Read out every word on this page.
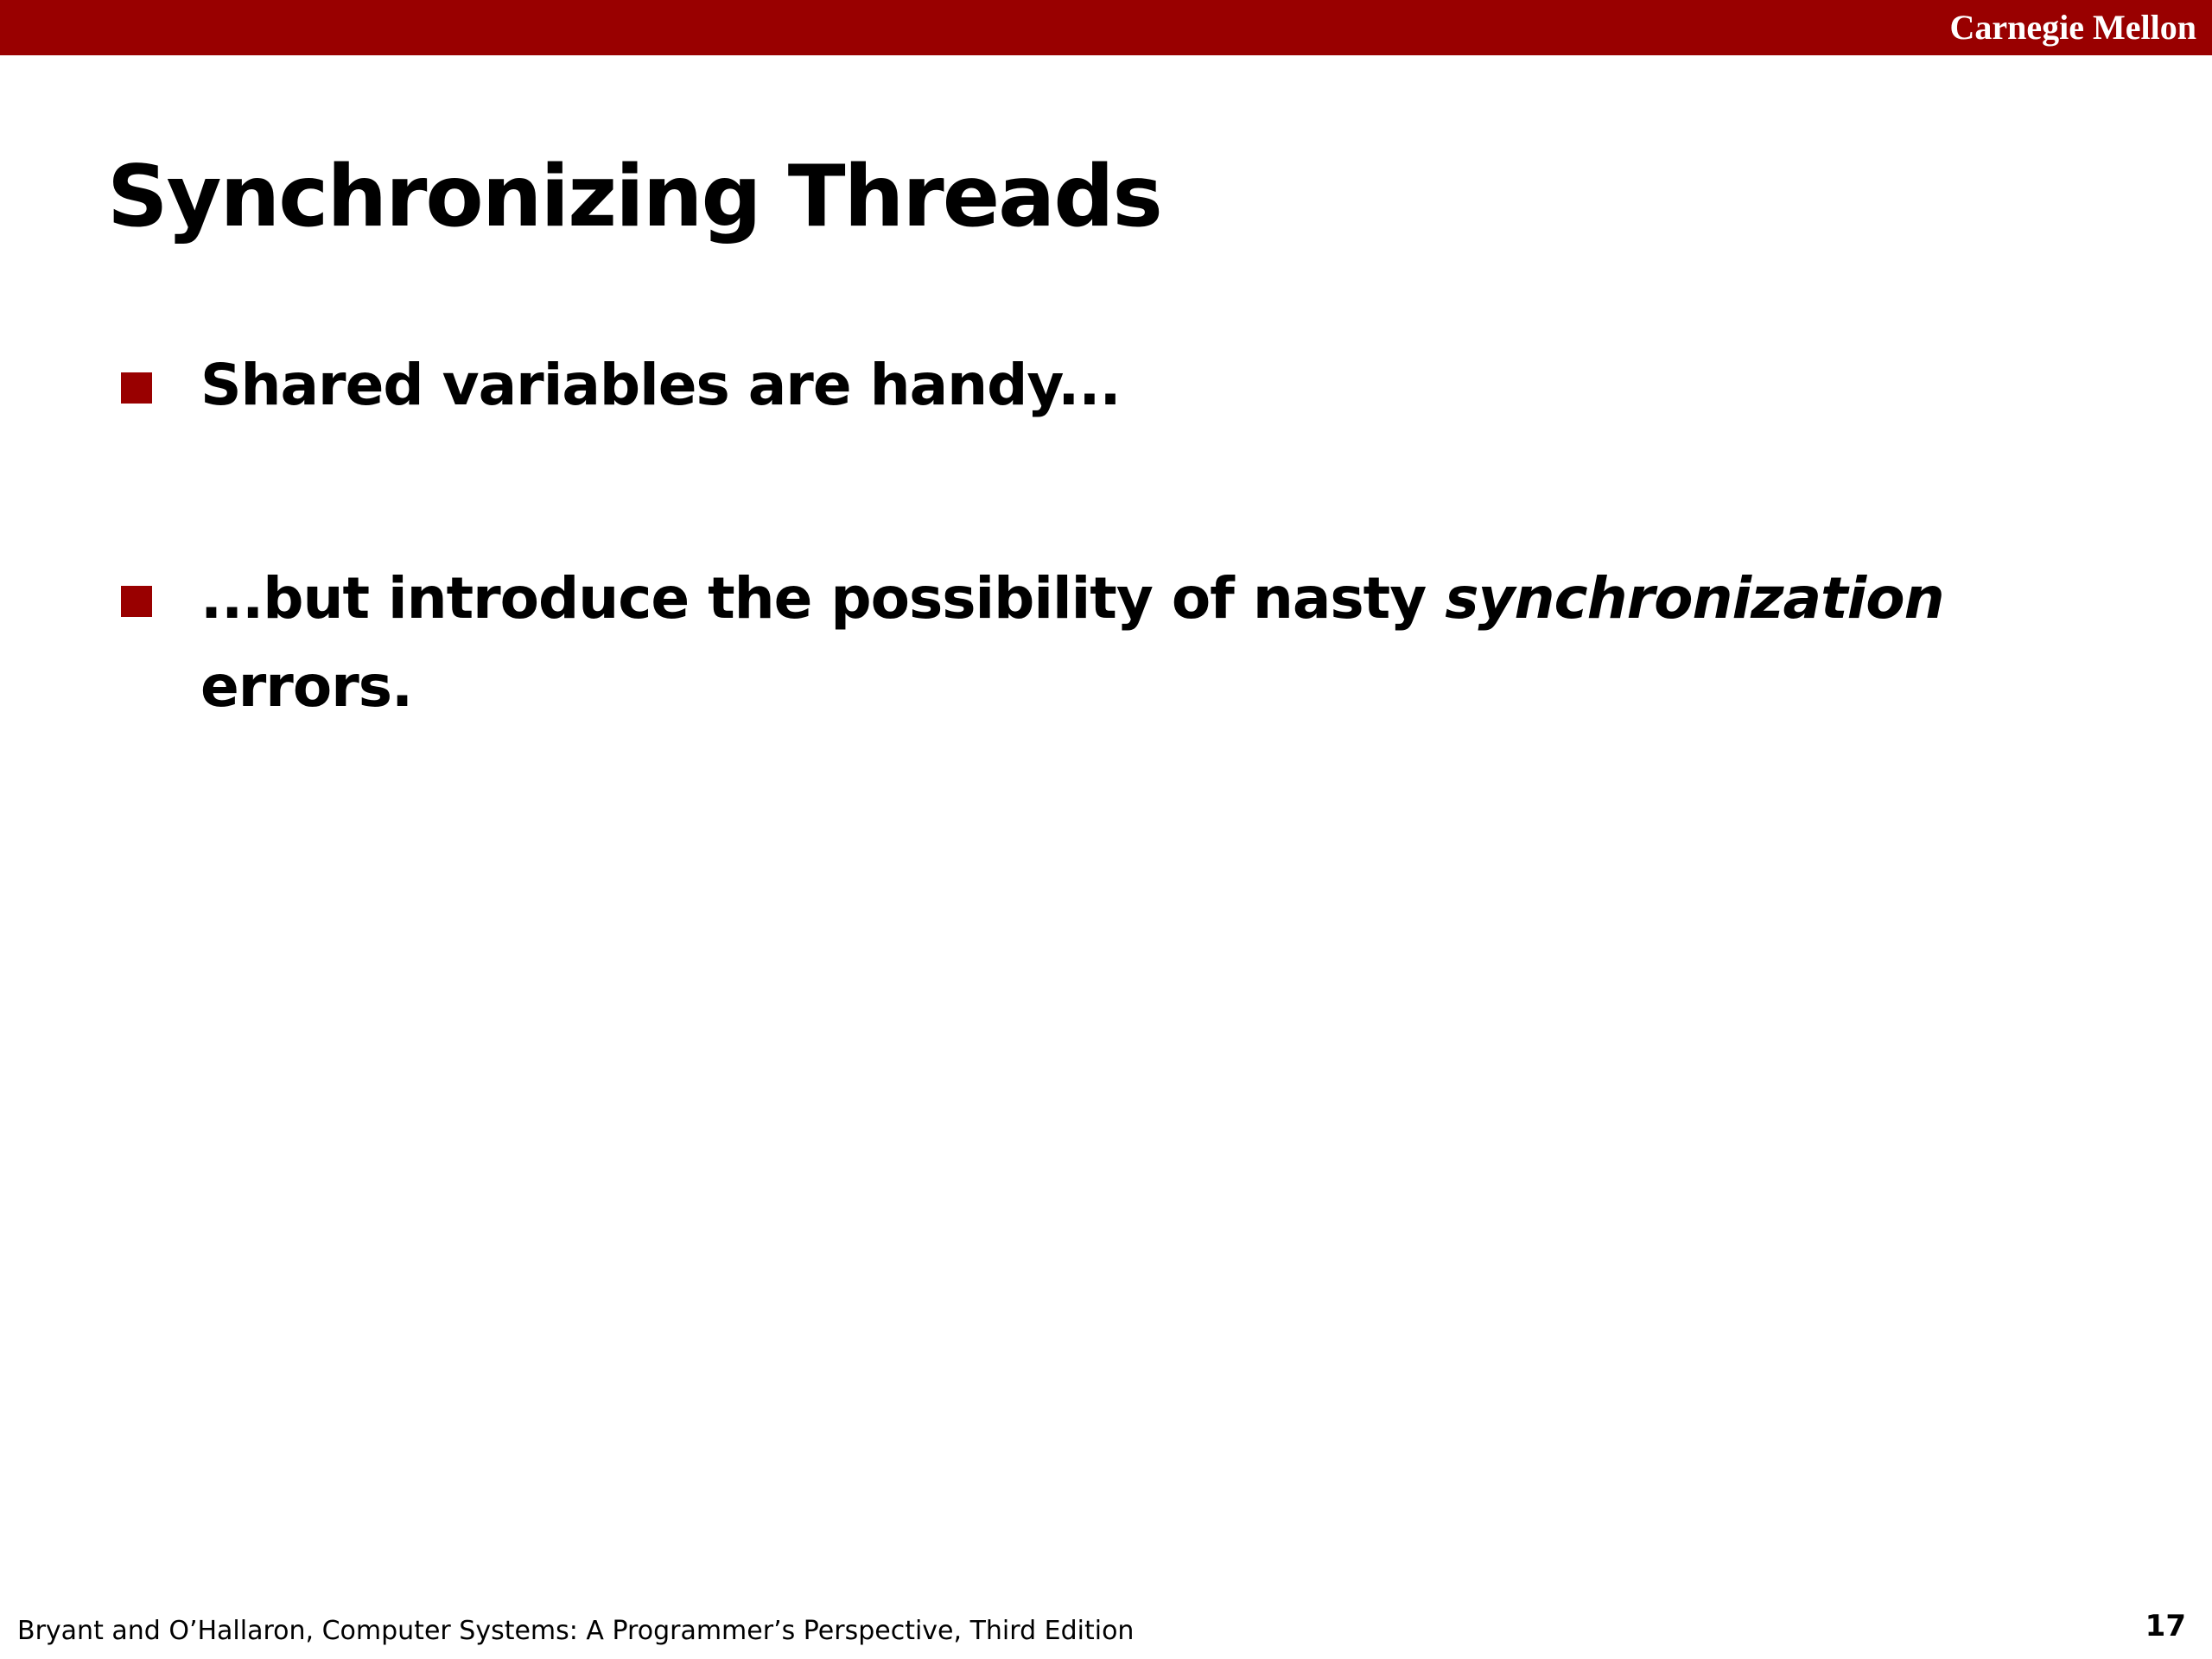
Carnegie Mellon
Synchronizing Threads
Shared variables are handy...
...but introduce the possibility of nasty synchronization errors.
Bryant and O’Hallaron, Computer Systems: A Programmer’s Perspective, Third Edition	17
